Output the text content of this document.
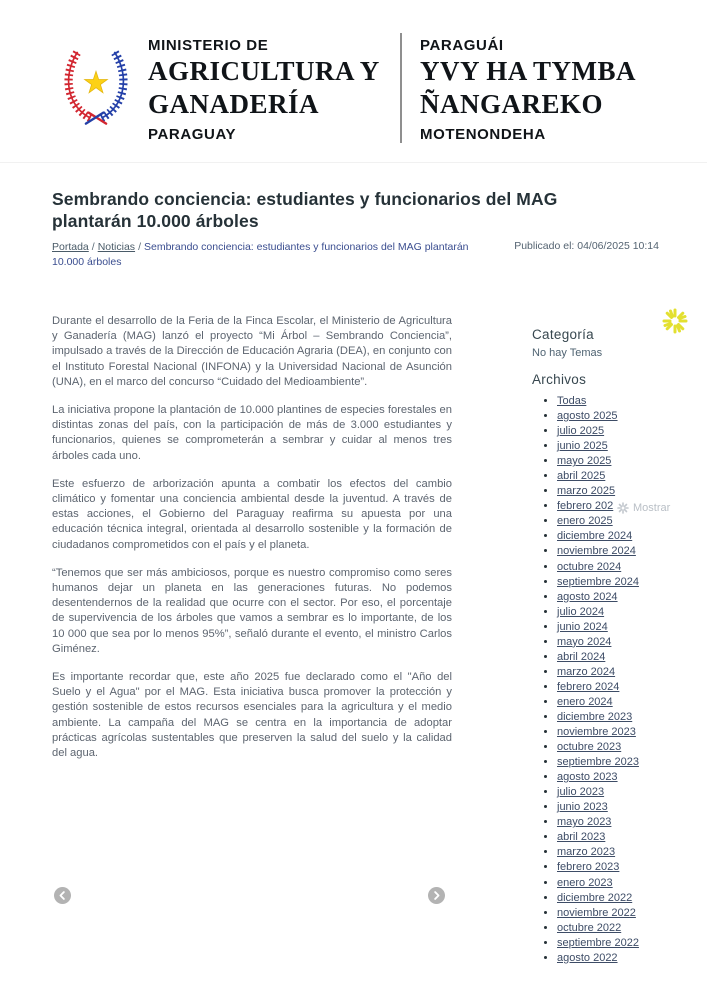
MINISTERIO DE
AGRICULTURA Y
GANADERÍA
PARAGUAY
PARAGUÁI
YVY HA TYMBA
ÑANGAREKO
MOTENONDEHA
Sembrando conciencia: estudiantes y funcionarios del MAG plantarán 10.000 árboles
Portada / Noticias / Sembrando conciencia: estudiantes y funcionarios del MAG plantarán 10.000 árboles
Publicado el: 04/06/2025 10:14

Durante el desarrollo de la Feria de la Finca Escolar, el Ministerio de Agricultura y Ganadería (MAG) lanzó el proyecto “Mi Árbol – Sembrando Conciencia”, impulsado a través de la Dirección de Educación Agraria (DEA), en conjunto con el Instituto Forestal Nacional (INFONA) y la Universidad Nacional de Asunción (UNA), en el marco del concurso “Cuidado del Medioambiente”.

La iniciativa propone la plantación de 10.000 plantines de especies forestales en distintas zonas del país, con la participación de más de 3.000 estudiantes y funcionarios, quienes se comprometerán a sembrar y cuidar al menos tres árboles cada uno.

Este esfuerzo de arborización apunta a combatir los efectos del cambio climático y fomentar una conciencia ambiental desde la juventud. A través de estas acciones, el Gobierno del Paraguay reafirma su apuesta por una educación técnica integral, orientada al desarrollo sostenible y la formación de ciudadanos comprometidos con el país y el planeta.

“Tenemos que ser más ambiciosos, porque es nuestro compromiso como seres humanos dejar un planeta en las generaciones futuras. No podemos desentendernos de la realidad que ocurre con el sector. Por eso, el porcentaje de supervivencia de los árboles que vamos a sembrar es lo importante, de los 10 000 que sea por lo menos 95%”, señaló durante el evento, el ministro Carlos Giménez.

Es importante recordar que, este año 2025 fue declarado como el "Año del Suelo y el Agua" por el MAG. Esta iniciativa busca promover la protección y gestión sostenible de estos recursos esenciales para la agricultura y el medio ambiente. La campaña del MAG se centra en la importancia de adoptar prácticas agrícolas sustentables que preserven la salud del suelo y la calidad del agua.

Categoría
No hay Temas
Archivos
• Todas
• agosto 2025
• julio 2025
• junio 2025
• mayo 2025
• abril 2025
• marzo 2025
• febrero 202
• enero 2025
• diciembre 2024
• noviembre 2024
• octubre 2024
• septiembre 2024
• agosto 2024
• julio 2024
• junio 2024
• mayo 2024
• abril 2024
• marzo 2024
• febrero 2024
• enero 2024
• diciembre 2023
• noviembre 2023
• octubre 2023
• septiembre 2023
• agosto 2023
• julio 2023
• junio 2023
• mayo 2023
• abril 2023
• marzo 2023
• febrero 2023
• enero 2023
• diciembre 2022
• noviembre 2022
• octubre 2022
• septiembre 2022
• agosto 2022
Mostrar
